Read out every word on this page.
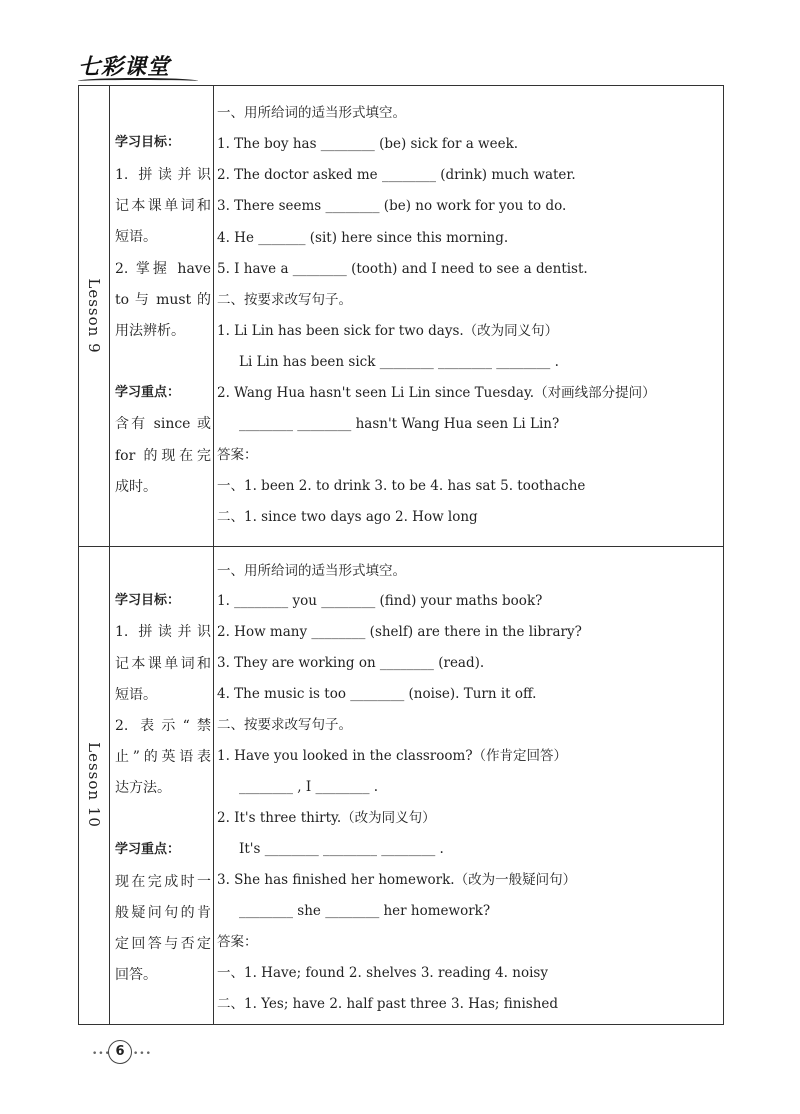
七彩课堂
Lesson 9
学习目标：
1. 拼读并识
记本课单词和
短语。
2. 掌握 have
to 与 must 的
用法辨析。
学习重点：
含有 since 或
for 的现在完
成时。
一、用所给词的适当形式填空。
1. The boy has ________ (be) sick for a week.
2. The doctor asked me ________ (drink) much water.
3. There seems ________ (be) no work for you to do.
4. He _______ (sit) here since this morning.
5. I have a ________ (tooth) and I need to see a dentist.
二、按要求改写句子。
1. Li Lin has been sick for two days.（改为同义句）
Li Lin has been sick ________ ________ ________ .
2. Wang Hua hasn't seen Li Lin since Tuesday.（对画线部分提问）
________ ________ hasn't Wang Hua seen Li Lin?
答案：
一、1. been 2. to drink 3. to be 4. has sat 5. toothache
二、1. since two days ago 2. How long
Lesson 10
学习目标：
1. 拼读并识
记本课单词和
短语。
2. 表示“禁
止”的英语表
达方法。
学习重点：
现在完成时一
般疑问句的肯
定回答与否定
回答。
一、用所给词的适当形式填空。
1. ________ you ________ (find) your maths book?
2. How many ________ (shelf) are there in the library?
3. They are working on ________ (read).
4. The music is too ________ (noise). Turn it off.
二、按要求改写句子。
1. Have you looked in the classroom?（作肯定回答）
________ , I ________ .
2. It's three thirty.（改为同义句）
It's ________ ________ ________ .
3. She has finished her homework.（改为一般疑问句）
________ she ________ her homework?
答案：
一、1. Have; found 2. shelves 3. reading 4. noisy
二、1. Yes; have 2. half past three 3. Has; finished
••• 6 •••
